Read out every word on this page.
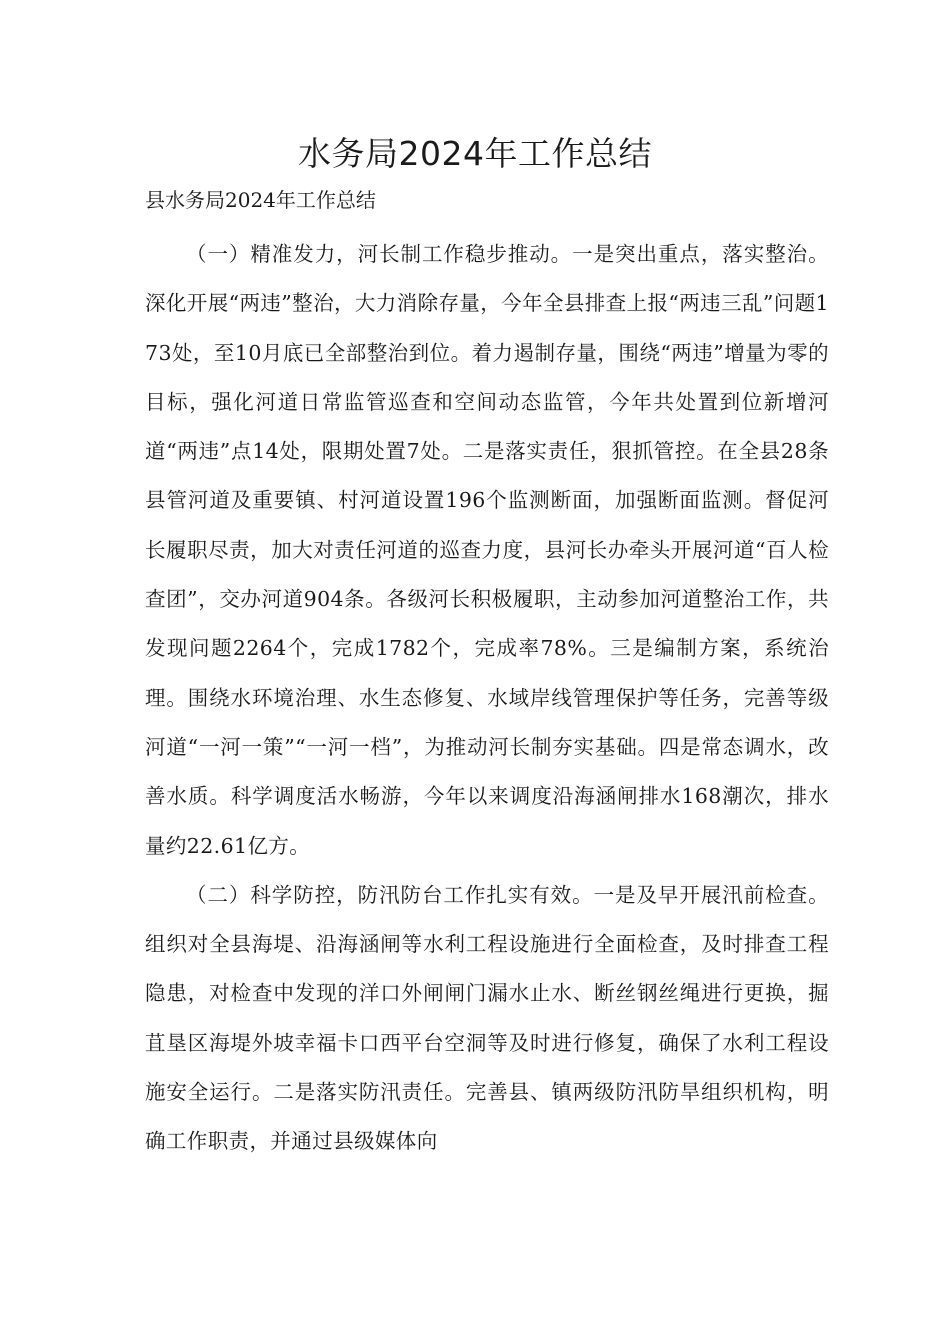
水务局2024年工作总结

县水务局2024年工作总结

（一）精准发力，河长制工作稳步推动。一是突出重点，落实整治。深化开展“两违”整治，大力消除存量，今年全县排查上报“两违三乱”问题173处，至10月底已全部整治到位。着力遏制存量，围绕“两违”增量为零的目标，强化河道日常监管巡查和空间动态监管，今年共处置到位新增河道“两违”点14处，限期处置7处。二是落实责任，狠抓管控。在全县28条县管河道及重要镇、村河道设置196个监测断面，加强断面监测。督促河长履职尽责，加大对责任河道的巡查力度，县河长办牵头开展河道“百人检查团”，交办河道904条。各级河长积极履职，主动参加河道整治工作，共发现问题2264个，完成1782个，完成率78%。三是编制方案，系统治理。围绕水环境治理、水生态修复、水域岸线管理保护等任务，完善等级河道“一河一策”“一河一档”，为推动河长制夯实基础。四是常态调水，改善水质。科学调度活水畅游，今年以来调度沿海涵闸排水168潮次，排水量约22.61亿方。

（二）科学防控，防汛防台工作扎实有效。一是及早开展汛前检查。组织对全县海堤、沿海涵闸等水利工程设施进行全面检查，及时排查工程隐患，对检查中发现的洋口外闸闸门漏水止水、断丝钢丝绳进行更换，掘苴垦区海堤外坡幸福卡口西平台空洞等及时进行修复，确保了水利工程设施安全运行。二是落实防汛责任。完善县、镇两级防汛防旱组织机构，明确工作职责，并通过县级媒体向
